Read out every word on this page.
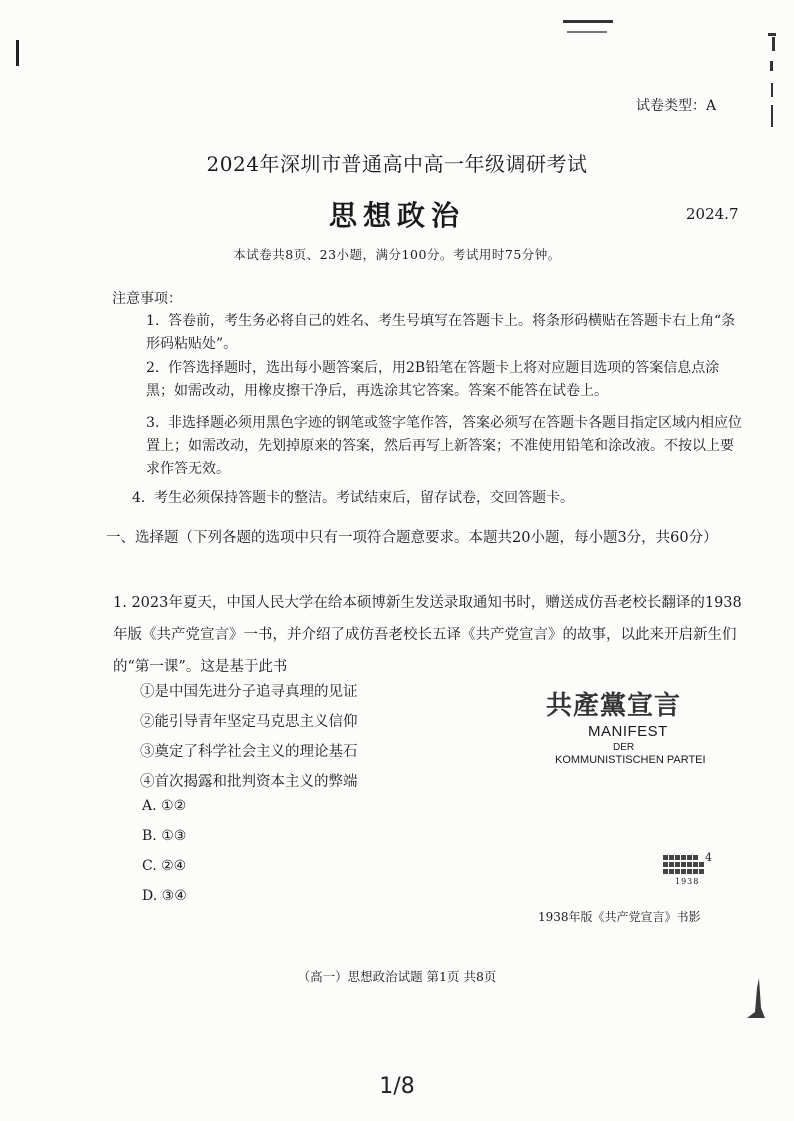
试卷类型：A
2024年深圳市普通高中高一年级调研考试
思想政治	2024.7
本试卷共8页、23小题，满分100分。考试用时75分钟。
注意事项：
1. 答卷前，考生务必将自己的姓名、考生号填写在答题卡上。将条形码横贴在答题卡右上角“条形码粘贴处”。
2. 作答选择题时，选出每小题答案后，用2B铅笔在答题卡上将对应题目选项的答案信息点涂黑；如需改动，用橡皮擦干净后，再选涂其它答案。答案不能答在试卷上。
3. 非选择题必须用黑色字迹的钢笔或签字笔作答，答案必须写在答题卡各题目指定区域内相应位置上；如需改动，先划掉原来的答案，然后再写上新答案；不准使用铅笔和涂改液。不按以上要求作答无效。
4. 考生必须保持答题卡的整洁。考试结束后，留存试卷，交回答题卡。
一、选择题（下列各题的选项中只有一项符合题意要求。本题共20小题，每小题3分，共60分）
1. 2023年夏天，中国人民大学在给本硕博新生发送录取通知书时，赠送成仿吾老校长翻译的1938年版《共产党宣言》一书，并介绍了成仿吾老校长五译《共产党宣言》的故事，以此来开启新生们的“第一课”。这是基于此书
①是中国先进分子追寻真理的见证
②能引导青年坚定马克思主义信仰
③奠定了科学社会主义的理论基石
④首次揭露和批判资本主义的弊端
A. ①②
B. ①③
C. ②④
D. ③④
共產黨宣言
MANIFEST
DER
KOMMUNISTISCHEN PARTEI
4
1938
1938年版《共产党宣言》书影
（高一）思想政治试题 第1页 共8页
1/8
